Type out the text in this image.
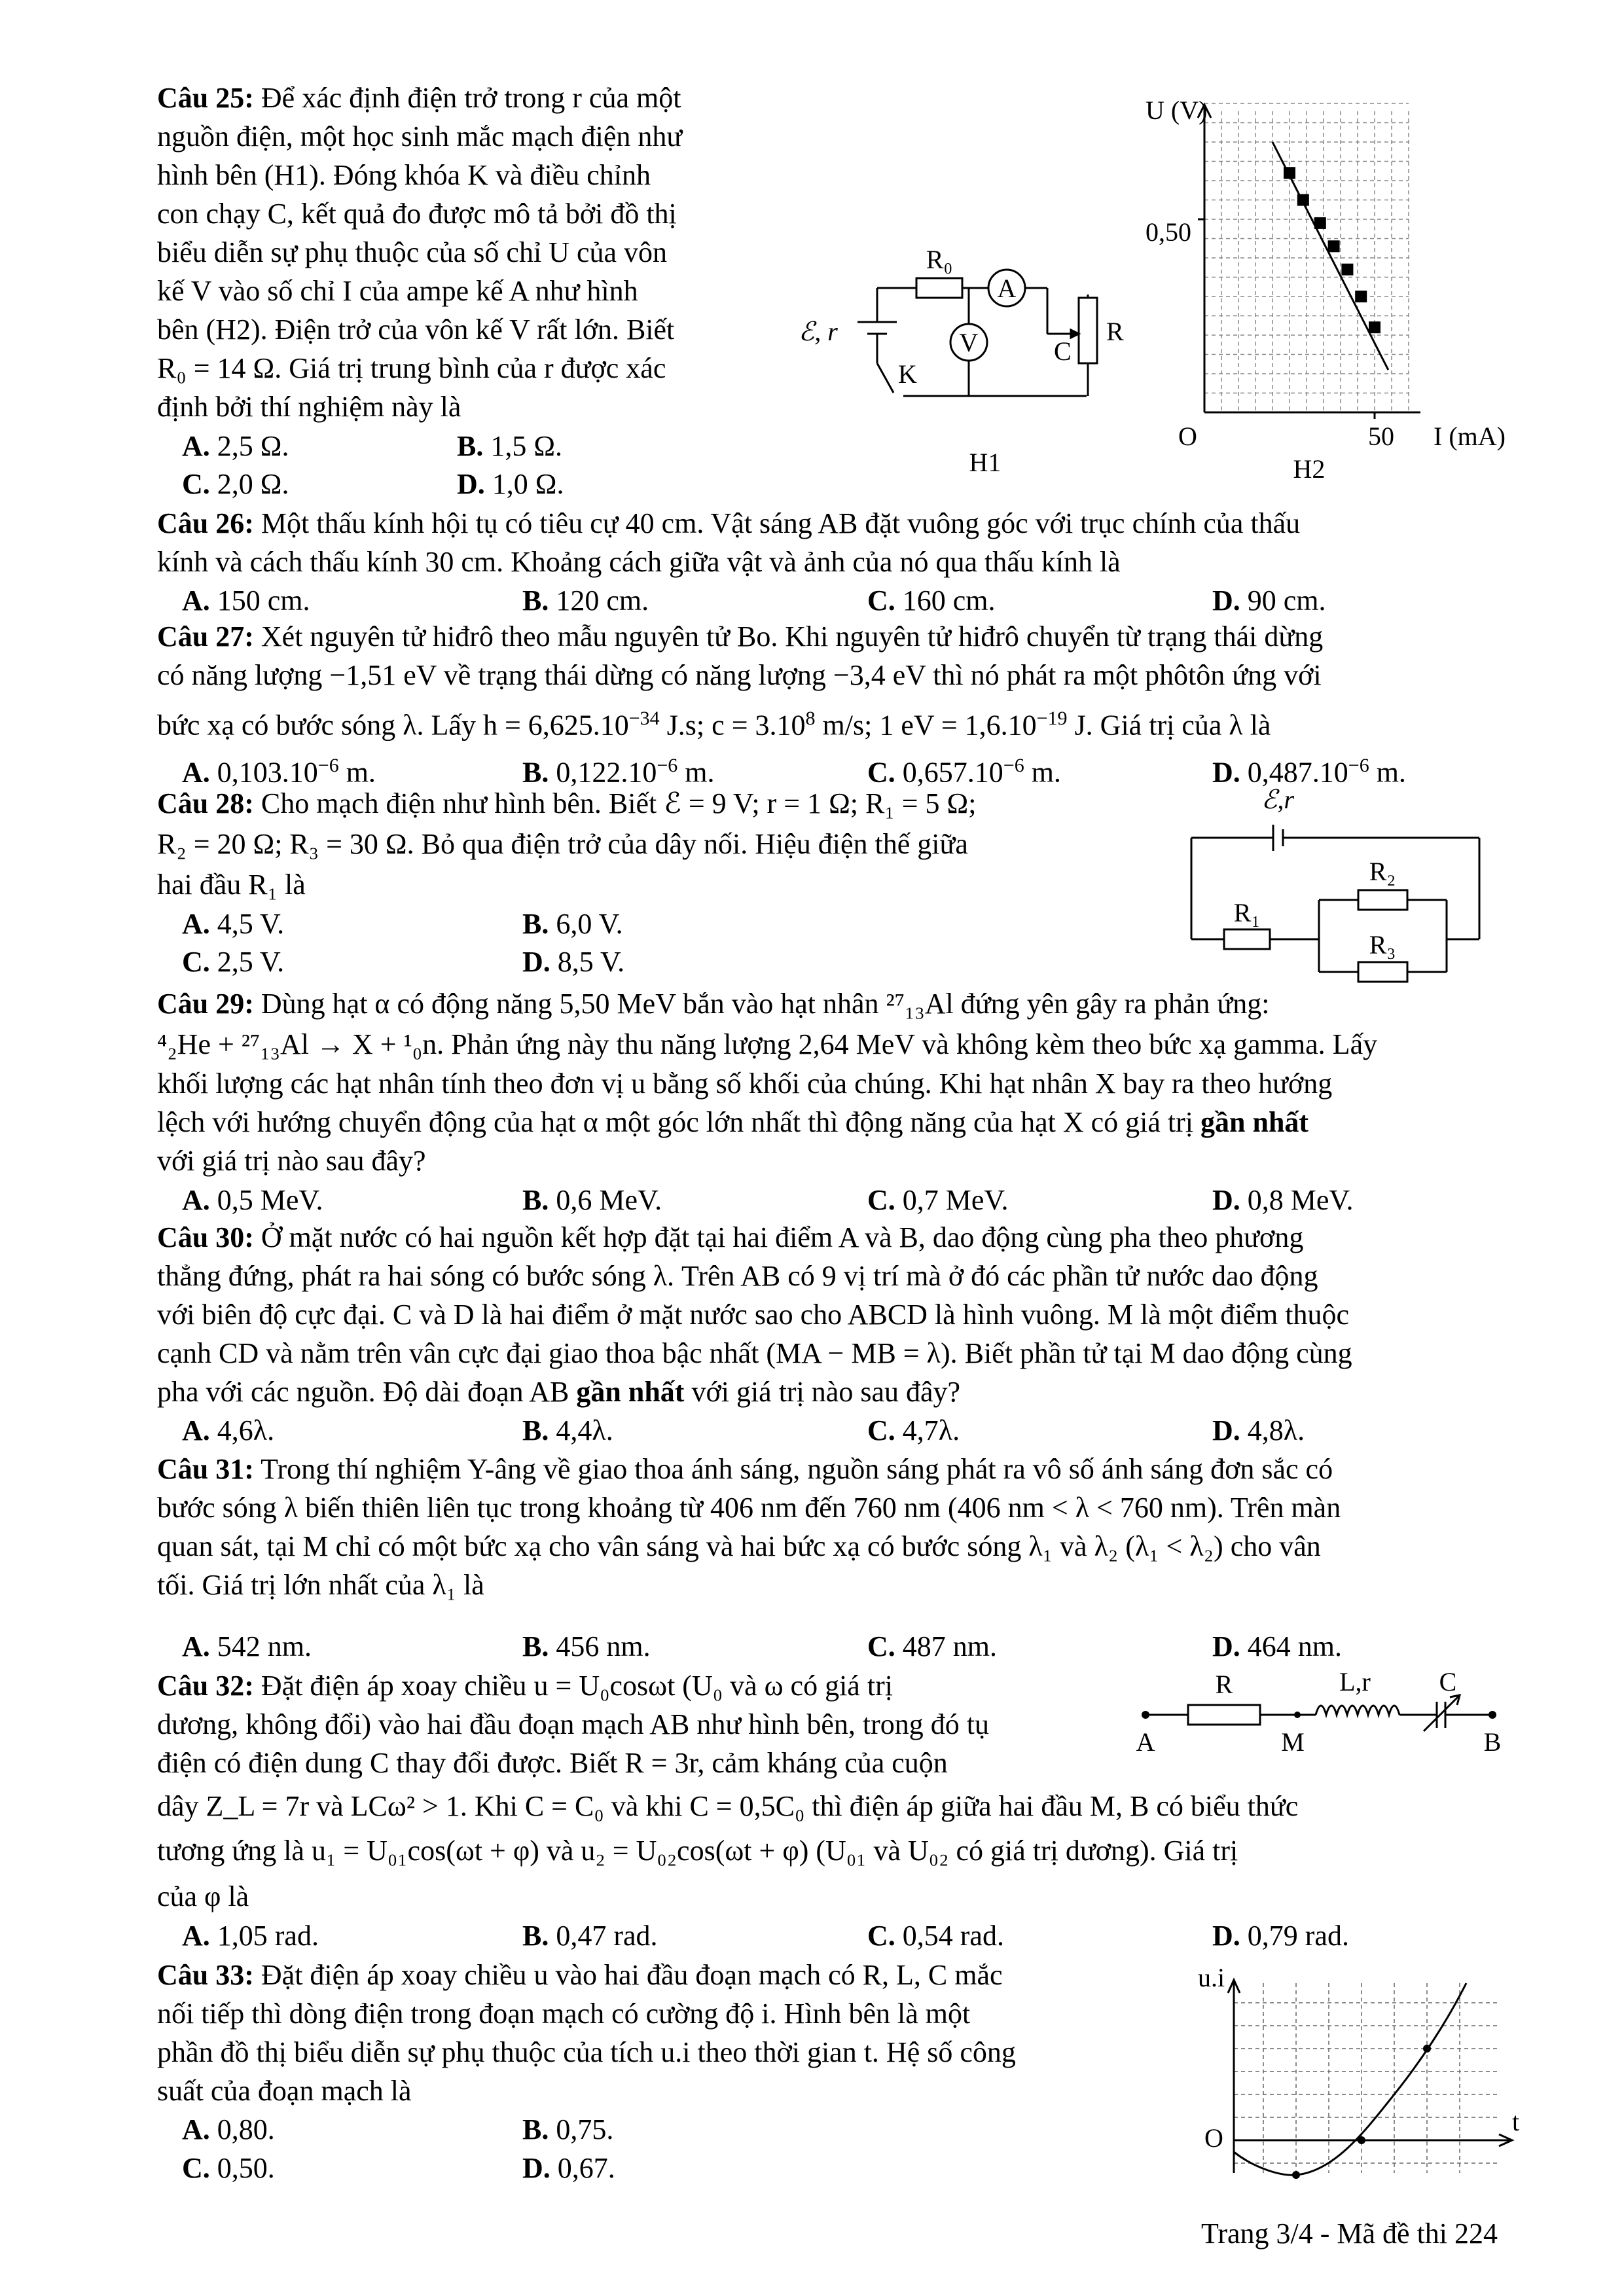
Câu 25: Để xác định điện trở trong r của một
nguồn điện, một học sinh mắc mạch điện như
hình bên (H1). Đóng khóa K và điều chỉnh
con chạy C, kết quả đo được mô tả bởi đồ thị
biểu diễn sự phụ thuộc của số chỉ U của vôn
kế V vào số chỉ I của ampe kế A như hình
bên (H2). Điện trở của vôn kế V rất lớn. Biết
R₀ = 14 Ω. Giá trị trung bình của r được xác
định bởi thí nghiệm này là
A. 2,5 Ω.	B. 1,5 Ω.
C. 2,0 Ω.	D. 1,0 Ω.
R₀
A
V
ℰ, r
K
C
R
H1
U (V)
0,50
O	50 I (mA)
H2
Câu 26: Một thấu kính hội tụ có tiêu cự 40 cm. Vật sáng AB đặt vuông góc với trục chính của thấu
kính và cách thấu kính 30 cm. Khoảng cách giữa vật và ảnh của nó qua thấu kính là
A. 150 cm.	B. 120 cm.	C. 160 cm.	D. 90 cm.
Câu 27: Xét nguyên tử hiđrô theo mẫu nguyên tử Bo. Khi nguyên tử hiđrô chuyển từ trạng thái dừng
có năng lượng −1,51 eV về trạng thái dừng có năng lượng −3,4 eV thì nó phát ra một phôtôn ứng với
bức xạ có bước sóng λ. Lấy $h = 6,625.10^{-34}$ J.s; $c = 3.10^8$ m/s; 1 eV = $1,6.10^{-19}$ J. Giá trị của λ là
A. $0,103.10^{-6}$ m.	B. $0,122.10^{-6}$ m.	C. $0,657.10^{-6}$ m.	D. $0,487.10^{-6}$ m.
Câu 28: Cho mạch điện như hình bên. Biết ℰ = 9 V; r = 1 Ω; R₁ = 5 Ω;
R₂ = 20 Ω; R₃ = 30 Ω. Bỏ qua điện trở của dây nối. Hiệu điện thế giữa
hai đầu R₁ là
A. 4,5 V.	B. 6,0 V.
C. 2,5 V.	D. 8,5 V.
ℰ,r
R₁
R₂
R₃
Câu 29: Dùng hạt α có động năng 5,50 MeV bắn vào hạt nhân ²⁷₁₃Al đứng yên gây ra phản ứng:
⁴₂He + ²⁷₁₃Al → X + ¹₀n. Phản ứng này thu năng lượng 2,64 MeV và không kèm theo bức xạ gamma. Lấy
khối lượng các hạt nhân tính theo đơn vị u bằng số khối của chúng. Khi hạt nhân X bay ra theo hướng
lệch với hướng chuyển động của hạt α một góc lớn nhất thì động năng của hạt X có giá trị gần nhất
với giá trị nào sau đây?
A. 0,5 MeV.	B. 0,6 MeV.	C. 0,7 MeV.	D. 0,8 MeV.
Câu 30: Ở mặt nước có hai nguồn kết hợp đặt tại hai điểm A và B, dao động cùng pha theo phương
thẳng đứng, phát ra hai sóng có bước sóng λ. Trên AB có 9 vị trí mà ở đó các phần tử nước dao động
với biên độ cực đại. C và D là hai điểm ở mặt nước sao cho ABCD là hình vuông. M là một điểm thuộc
cạnh CD và nằm trên vân cực đại giao thoa bậc nhất (MA − MB = λ). Biết phần tử tại M dao động cùng
pha với các nguồn. Độ dài đoạn AB gần nhất với giá trị nào sau đây?
A. 4,6λ.	B. 4,4λ.	C. 4,7λ.	D. 4,8λ.
Câu 31: Trong thí nghiệm Y-âng về giao thoa ánh sáng, nguồn sáng phát ra vô số ánh sáng đơn sắc có
bước sóng λ biến thiên liên tục trong khoảng từ 406 nm đến 760 nm (406 nm < λ < 760 nm). Trên màn
quan sát, tại M chỉ có một bức xạ cho vân sáng và hai bức xạ có bước sóng λ₁ và λ₂ (λ₁ < λ₂) cho vân
tối. Giá trị lớn nhất của λ₁ là
A. 542 nm.	B. 456 nm.	C. 487 nm.	D. 464 nm.
Câu 32: Đặt điện áp xoay chiều u = U₀cosωt (U₀ và ω có giá trị
dương, không đổi) vào hai đầu đoạn mạch AB như hình bên, trong đó tụ
điện có điện dung C thay đổi được. Biết R = 3r, cảm kháng của cuộn
dây Z_L = 7r và LCω² > 1. Khi C = C₀ và khi C = 0,5C₀ thì điện áp giữa hai đầu M, B có biểu thức
tương ứng là u₁ = U₀₁cos(ωt + φ) và u₂ = U₀₂cos(ωt + φ) (U₀₁ và U₀₂ có giá trị dương). Giá trị
của φ là
A. 1,05 rad.	B. 0,47 rad.	C. 0,54 rad.	D. 0,79 rad.
R	L,r	C
A	M	B
Câu 33: Đặt điện áp xoay chiều u vào hai đầu đoạn mạch có R, L, C mắc
nối tiếp thì dòng điện trong đoạn mạch có cường độ i. Hình bên là một
phần đồ thị biểu diễn sự phụ thuộc của tích u.i theo thời gian t. Hệ số công
suất của đoạn mạch là
A. 0,80.	B. 0,75.
C. 0,50.	D. 0,67.
u.i
O
t
Trang 3/4 - Mã đề thi 224
